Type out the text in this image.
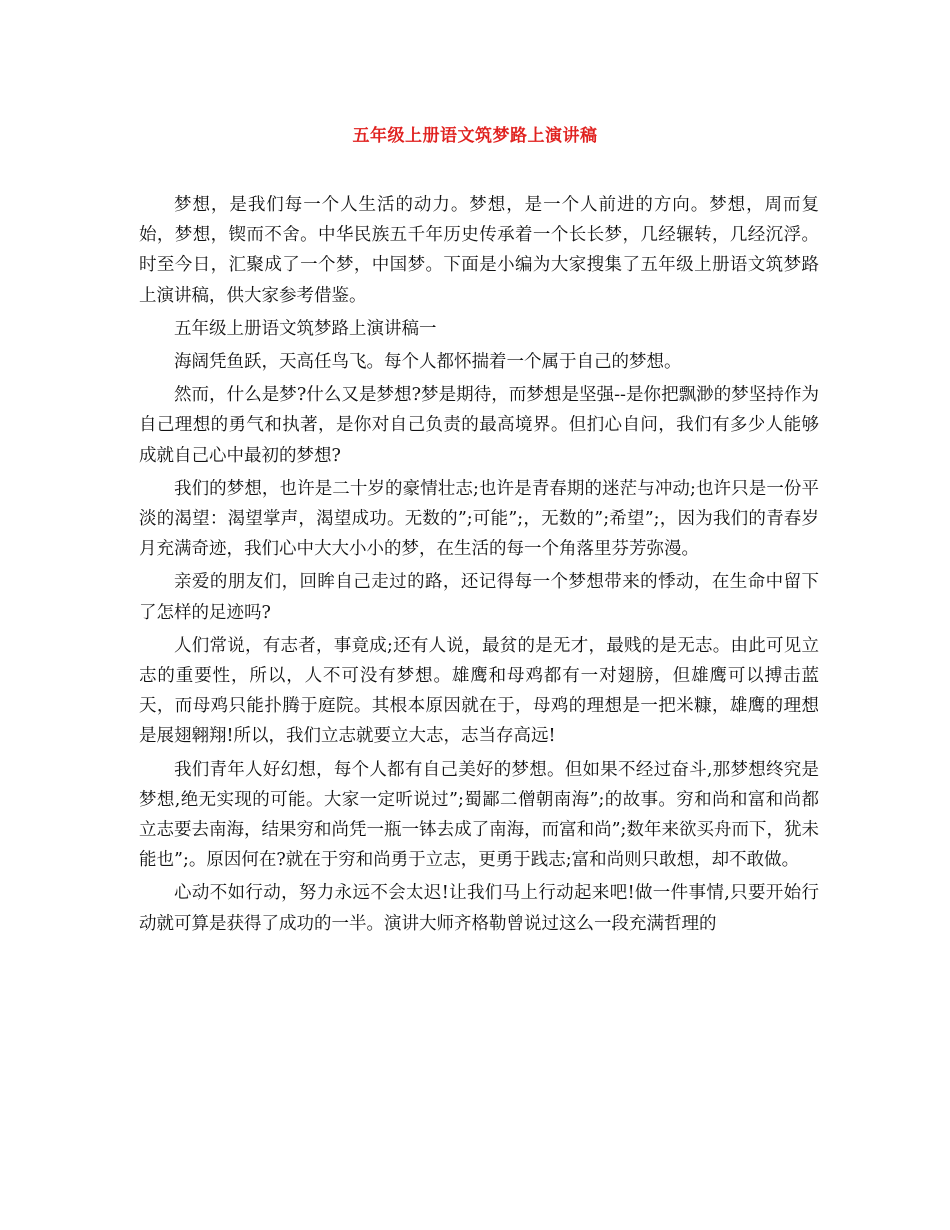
五年级上册语文筑梦路上演讲稿

梦想，是我们每一个人生活的动力。梦想，是一个人前进的方向。梦想，周而复始，梦想，锲而不舍。中华民族五千年历史传承着一个长长梦，几经辗转，几经沉浮。时至今日，汇聚成了一个梦，中国梦。下面是小编为大家搜集了五年级上册语文筑梦路上演讲稿，供大家参考借鉴。

五年级上册语文筑梦路上演讲稿一

海阔凭鱼跃，天高任鸟飞。每个人都怀揣着一个属于自己的梦想。

然而，什么是梦?什么又是梦想?梦是期待，而梦想是坚强--是你把飘渺的梦坚持作为自己理想的勇气和执著，是你对自己负责的最高境界。但扪心自问，我们有多少人能够成就自己心中最初的梦想?

我们的梦想，也许是二十岁的豪情壮志;也许是青春期的迷茫与冲动;也许只是一份平淡的渴望：渴望掌声，渴望成功。无数的”;可能”;，无数的”;希望”;，因为我们的青春岁月充满奇迹，我们心中大大小小的梦，在生活的每一个角落里芬芳弥漫。

亲爱的朋友们，回眸自己走过的路，还记得每一个梦想带来的悸动，在生命中留下了怎样的足迹吗?

人们常说，有志者，事竟成;还有人说，最贫的是无才，最贱的是无志。由此可见立志的重要性，所以，人不可没有梦想。雄鹰和母鸡都有一对翅膀，但雄鹰可以搏击蓝天，而母鸡只能扑腾于庭院。其根本原因就在于，母鸡的理想是一把米糠，雄鹰的理想是展翅翱翔!所以，我们立志就要立大志，志当存高远!

我们青年人好幻想，每个人都有自己美好的梦想。但如果不经过奋斗,那梦想终究是梦想,绝无实现的可能。大家一定听说过”;蜀鄙二僧朝南海”;的故事。穷和尚和富和尚都立志要去南海，结果穷和尚凭一瓶一钵去成了南海，而富和尚”;数年来欲买舟而下，犹未能也”;。原因何在?就在于穷和尚勇于立志，更勇于践志;富和尚则只敢想，却不敢做。

心动不如行动，努力永远不会太迟!让我们马上行动起来吧!做一件事情,只要开始行动就可算是获得了成功的一半。演讲大师齐格勒曾说过这么一段充满哲理的
